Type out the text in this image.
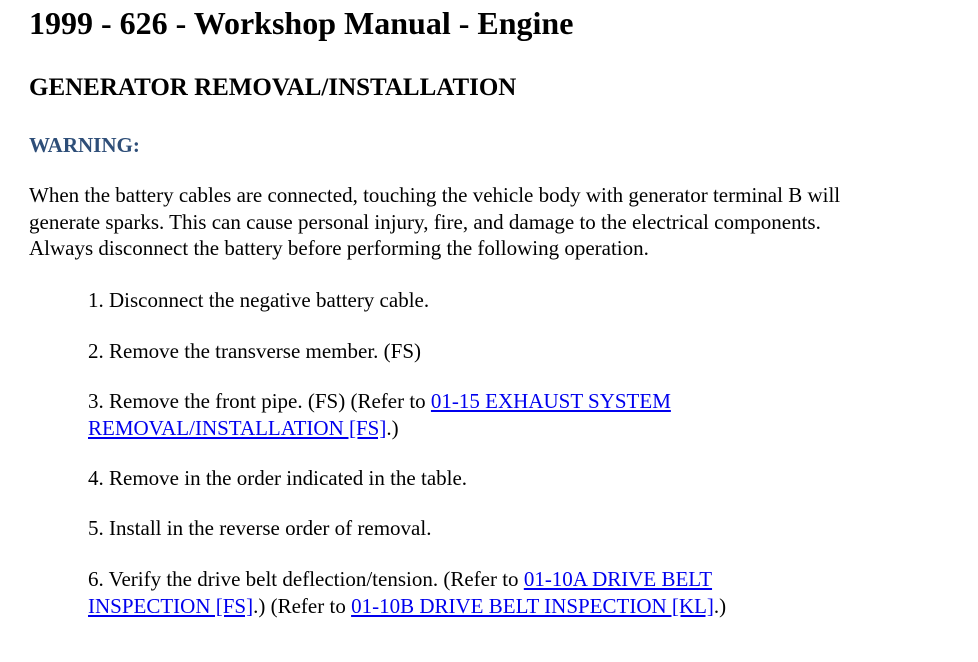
1999 - 626 - Workshop Manual - Engine
GENERATOR REMOVAL/INSTALLATION
WARNING:

When the battery cables are connected, touching the vehicle body with generator terminal B will
generate sparks. This can cause personal injury, fire, and damage to the electrical components.
Always disconnect the battery before performing the following operation.

1. Disconnect the negative battery cable.

2. Remove the transverse member. (FS)

3. Remove the front pipe. (FS) (Refer to 01-15 EXHAUST SYSTEM
REMOVAL/INSTALLATION [FS].)

4. Remove in the order indicated in the table.

5. Install in the reverse order of removal.

6. Verify the drive belt deflection/tension. (Refer to 01-10A DRIVE BELT
INSPECTION [FS].) (Refer to 01-10B DRIVE BELT INSPECTION [KL].)
